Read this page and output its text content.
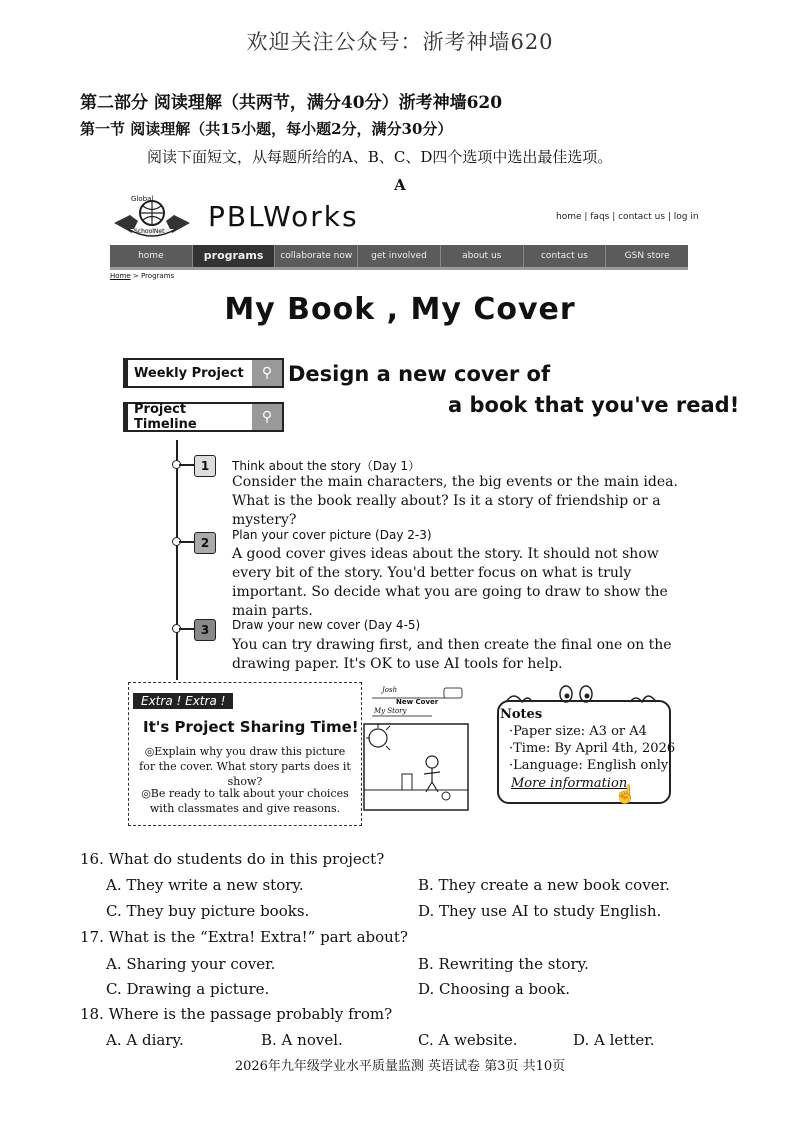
欢迎关注公众号：浙考神墙620
第二部分 阅读理解（共两节，满分40分）浙考神墙620
第一节 阅读理解（共15小题，每小题2分，满分30分）
阅读下面短文，从每题所给的A、B、C、D四个选项中选出最佳选项。
A
Global
SchoolNet PBLWorks	home | faqs | contact us | log in
home	programs	collaborate now	get involved	about us	contact us	GSN store
Home > Programs
My Book , My Cover
Weekly Project	⚲
Project Timeline	⚲
Design a new cover of
a book that you've read!
1	Think about the story（Day 1）
Consider the main characters, the big events or the main idea. What is the book really about? Is it a story of friendship or a mystery?
2
Plan your cover picture (Day 2-3)
A good cover gives ideas about the story. It should not show every bit of the story. You'd better focus on what is truly important. So decide what you are going to draw to show the main parts.
3	Draw your new cover (Day 4-5)
You can try drawing first, and then create the final one on the drawing paper. It's OK to use AI tools for help.
Extra ! Extra !
It's Project Sharing Time!
◎Explain why you draw this picture for the cover. What story parts does it show?
◎Be ready to talk about your choices with classmates and give reasons.
Josh
New Cover
My Story	Notes
·Paper size: A3 or A4
·Time: By April 4th, 2026
·Language: English only
More information
☝
16. What do students do in this project?
A. They write a new story.	B. They create a new book cover.
C. They buy picture books.	D. They use AI to study English.
17. What is the “Extra! Extra!” part about?
A. Sharing your cover.	B. Rewriting the story.
C. Drawing a picture.	D. Choosing a book.
18. Where is the passage probably from?
A. A diary.	B. A novel.	C. A website.	D. A letter.
2026年九年级学业水平质量监测 英语试卷 第3页 共10页
